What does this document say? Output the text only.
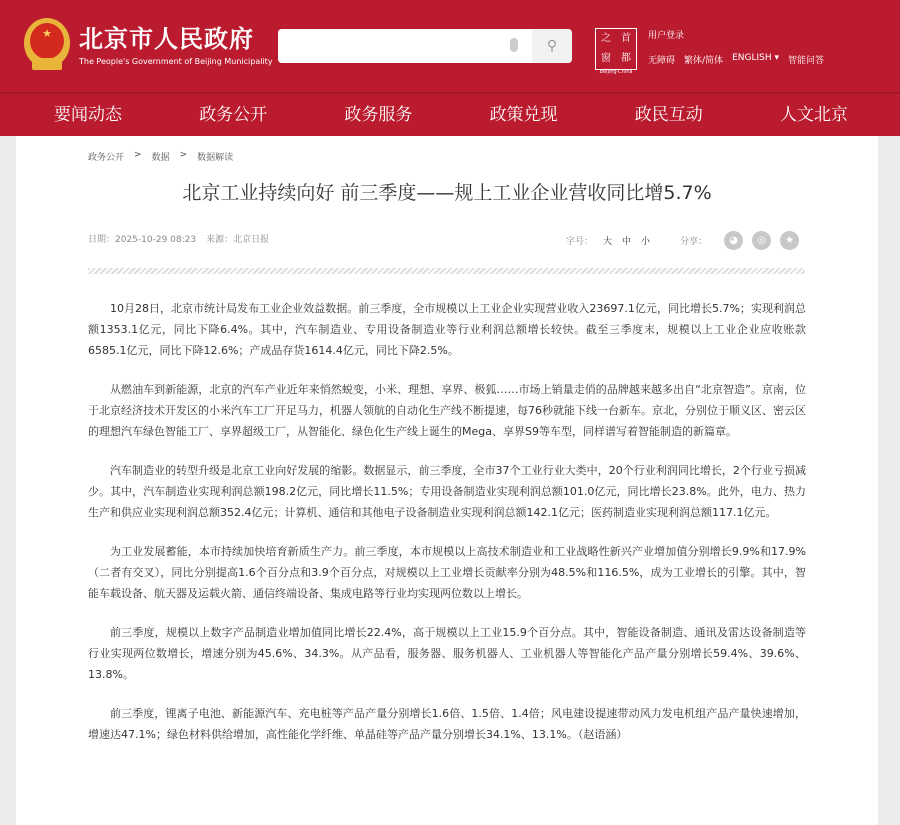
★	北京市人民政府
The People's Government of Beijing Municipality
⚲	之	首
窗	都
Beijing·China
用户登录
无障碍 繁体/简体 ENGLISH ▾ 智能问答
要闻动态	政务公开	政务服务	政策兑现	政民互动	人文北京
政务公开 > 数据 > 数据解读
北京工业持续向好 前三季度——规上工业企业营收同比增5.7%
日期：2025-10-29 08:23 来源：北京日报	字号： 大 中 小	分享：	◕	◎	★

10月28日，北京市统计局发布工业企业效益数据。前三季度，全市规模以上工业企业实现营业收入23697.1亿元，同比增长5.7%；实现利润总额1353.1亿元，同比下降6.4%。其中，汽车制造业、专用设备制造业等行业利润总额增长较快。截至三季度末，规模以上工业企业应收账款6585.1亿元，同比下降12.6%；产成品存货1614.4亿元，同比下降2.5%。

从燃油车到新能源，北京的汽车产业近年来悄然蜕变，小米、理想、享界、极狐……市场上销量走俏的品牌越来越多出自“北京智造”。京南，位于北京经济技术开发区的小米汽车工厂开足马力，机器人领航的自动化生产线不断提速，每76秒就能下线一台新车。京北，分别位于顺义区、密云区的理想汽车绿色智能工厂、享界超级工厂，从智能化、绿色化生产线上诞生的Mega、享界S9等车型，同样谱写着智能制造的新篇章。

汽车制造业的转型升级是北京工业向好发展的缩影。数据显示，前三季度，全市37个工业行业大类中，20个行业利润同比增长，2个行业亏损减少。其中，汽车制造业实现利润总额198.2亿元，同比增长11.5%；专用设备制造业实现利润总额101.0亿元，同比增长23.8%。此外，电力、热力生产和供应业实现利润总额352.4亿元；计算机、通信和其他电子设备制造业实现利润总额142.1亿元；医药制造业实现利润总额117.1亿元。

为工业发展蓄能，本市持续加快培育新质生产力。前三季度，本市规模以上高技术制造业和工业战略性新兴产业增加值分别增长9.9%和17.9%（二者有交叉），同比分别提高1.6个百分点和3.9个百分点，对规模以上工业增长贡献率分别为48.5%和116.5%，成为工业增长的引擎。其中，智能车载设备、航天器及运载火箭、通信终端设备、集成电路等行业均实现两位数以上增长。

前三季度，规模以上数字产品制造业增加值同比增长22.4%，高于规模以上工业15.9个百分点。其中，智能设备制造、通讯及雷达设备制造等行业实现两位数增长，增速分别为45.6%、34.3%。从产品看，服务器、服务机器人、工业机器人等智能化产品产量分别增长59.4%、39.6%、13.8%。

前三季度，锂离子电池、新能源汽车、充电桩等产品产量分别增长1.6倍、1.5倍、1.4倍；风电建设提速带动风力发电机组产品产量快速增加，增速达47.1%；绿色材料供给增加，高性能化学纤维、单晶硅等产品产量分别增长34.1%、13.1%。（赵语涵）
